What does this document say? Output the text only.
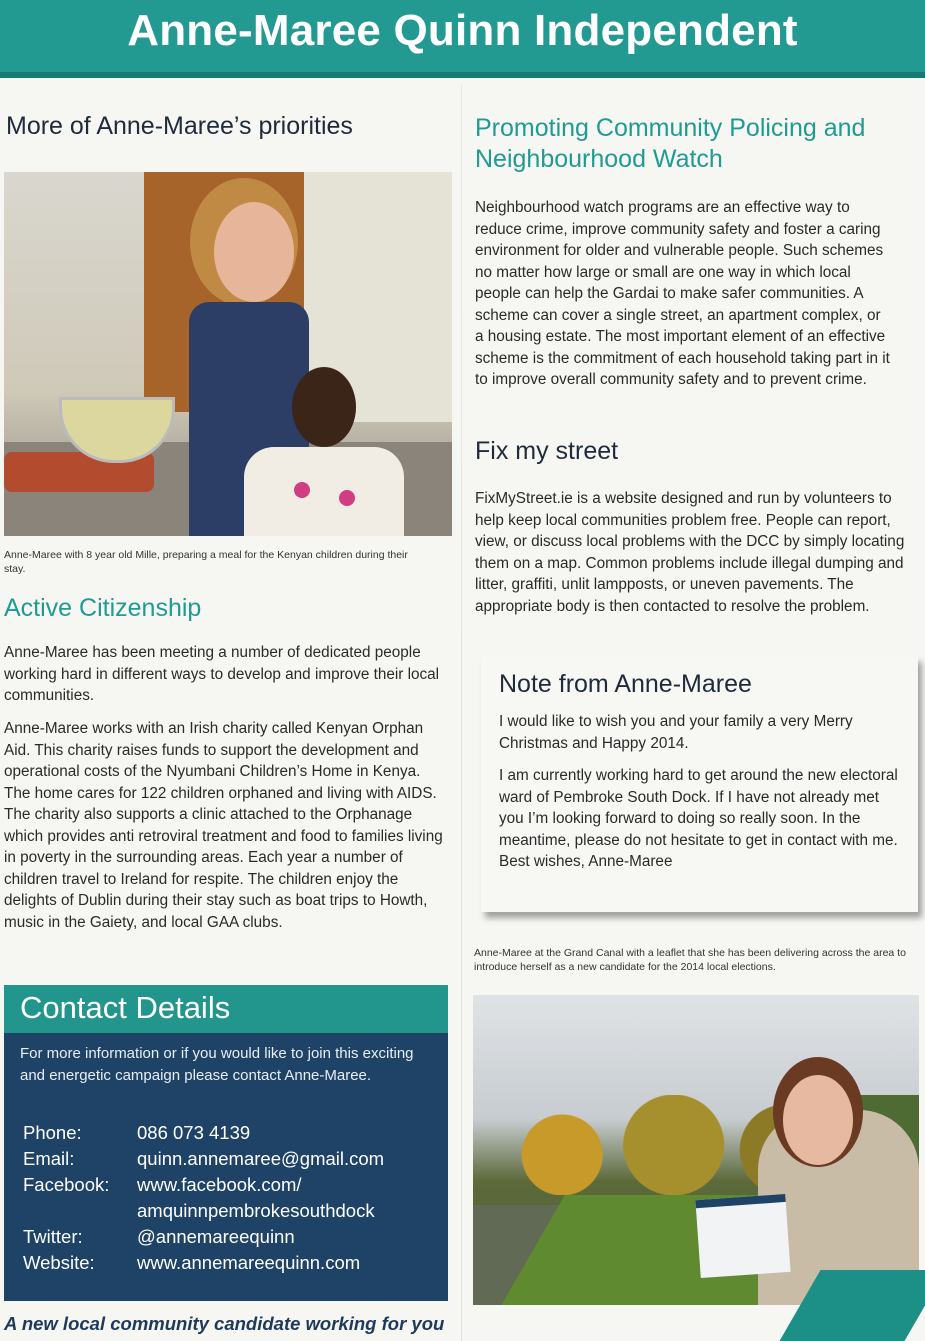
Anne-Maree Quinn Independent
More of Anne-Maree’s priorities
Anne-Maree with 8 year old Mille, preparing a meal for the Kenyan children during their stay.
Active Citizenship

Anne-Maree has been meeting a number of dedicated people working hard in different ways to develop and improve their local communities.

Anne-Maree works with an Irish charity called Kenyan Orphan Aid. This charity raises funds to support the development and operational costs of the Nyumbani Children’s Home in Kenya. The home cares for 122 children orphaned and living with AIDS. The charity also supports a clinic attached to the Orphanage which provides anti retroviral treatment and food to families living in poverty in the surrounding areas. Each year a number of children travel to Ireland for respite. The children enjoy the delights of Dublin during their stay such as boat trips to Howth, music in the Gaiety, and local GAA clubs.

Contact Details
For more information or if you would like to join this exciting and energetic campaign please contact Anne-Maree.
Phone:	086 073 4139
Email:	quinn.annemaree@gmail.com
Facebook:	www.facebook.com/
amquinnpembrokesouthdock
Twitter:	@annemareequinn
Website:	www.annemareequinn.com
A new local community candidate working for you
Promoting Community Policing and Neighbourhood Watch

Neighbourhood watch programs are an effective way to reduce crime, improve community safety and foster a caring environment for older and vulnerable people. Such schemes no matter how large or small are one way in which local people can help the Gardai to make safer communities. A scheme can cover a single street, an apartment complex, or a housing estate. The most important element of an effective scheme is the commitment of each household taking part in it to improve overall community safety and to prevent crime.

Fix my street

FixMyStreet.ie is a website designed and run by volunteers to help keep local communities problem free. People can report, view, or discuss local problems with the DCC by simply locating them on a map. Common problems include illegal dumping and litter, graffiti, unlit lampposts, or uneven pavements. The appropriate body is then contacted to resolve the problem.

Note from Anne-Maree

I would like to wish you and your family a very Merry Christmas and Happy 2014.

I am currently working hard to get around the new electoral ward of Pembroke South Dock. If I have not already met you I’m looking forward to doing so really soon. In the meantime, please do not hesitate to get in contact with me. Best wishes, Anne-Maree

Anne-Maree at the Grand Canal with a leaflet that she has been delivering across the area to introduce herself as a new candidate for the 2014 local elections.
